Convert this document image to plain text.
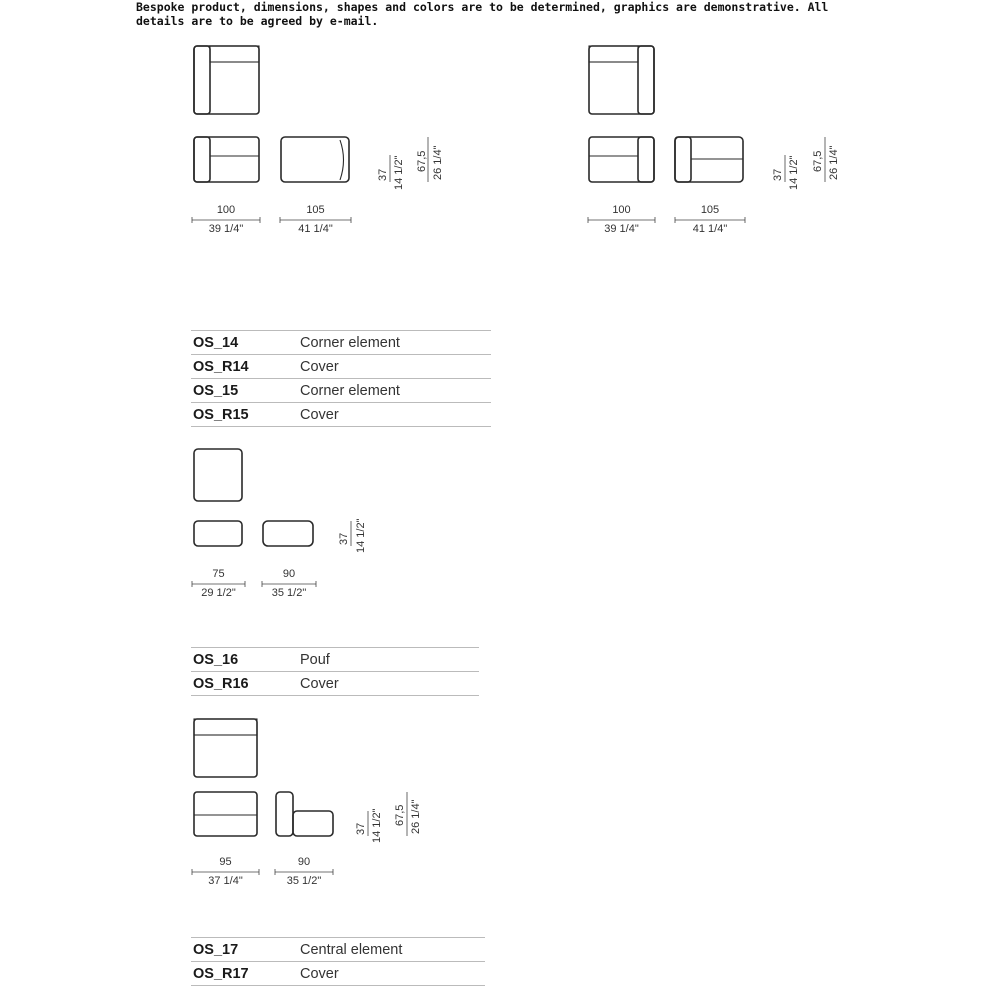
Bespoke product, dimensions, shapes and colors are to be determined, graphics are demonstrative. All details are to be agreed by e-mail.
100
39 1/4"
105
41 1/4"
100
39 1/4"
105
41 1/4"
37 14 1/2" 67,5 26 1/4"	37 14 1/2" 67,5 26 1/4"
OS_14	Corner element
OS_R14	Cover
OS_15	Corner element
OS_R15	Cover
75
29 1/2"
90
35 1/2"
37 14 1/2"
OS_16	Pouf
OS_R16	Cover
95
37 1/4"
90
35 1/2"
37 14 1/2" 67,5 26 1/4"
OS_17	Central element
OS_R17	Cover
